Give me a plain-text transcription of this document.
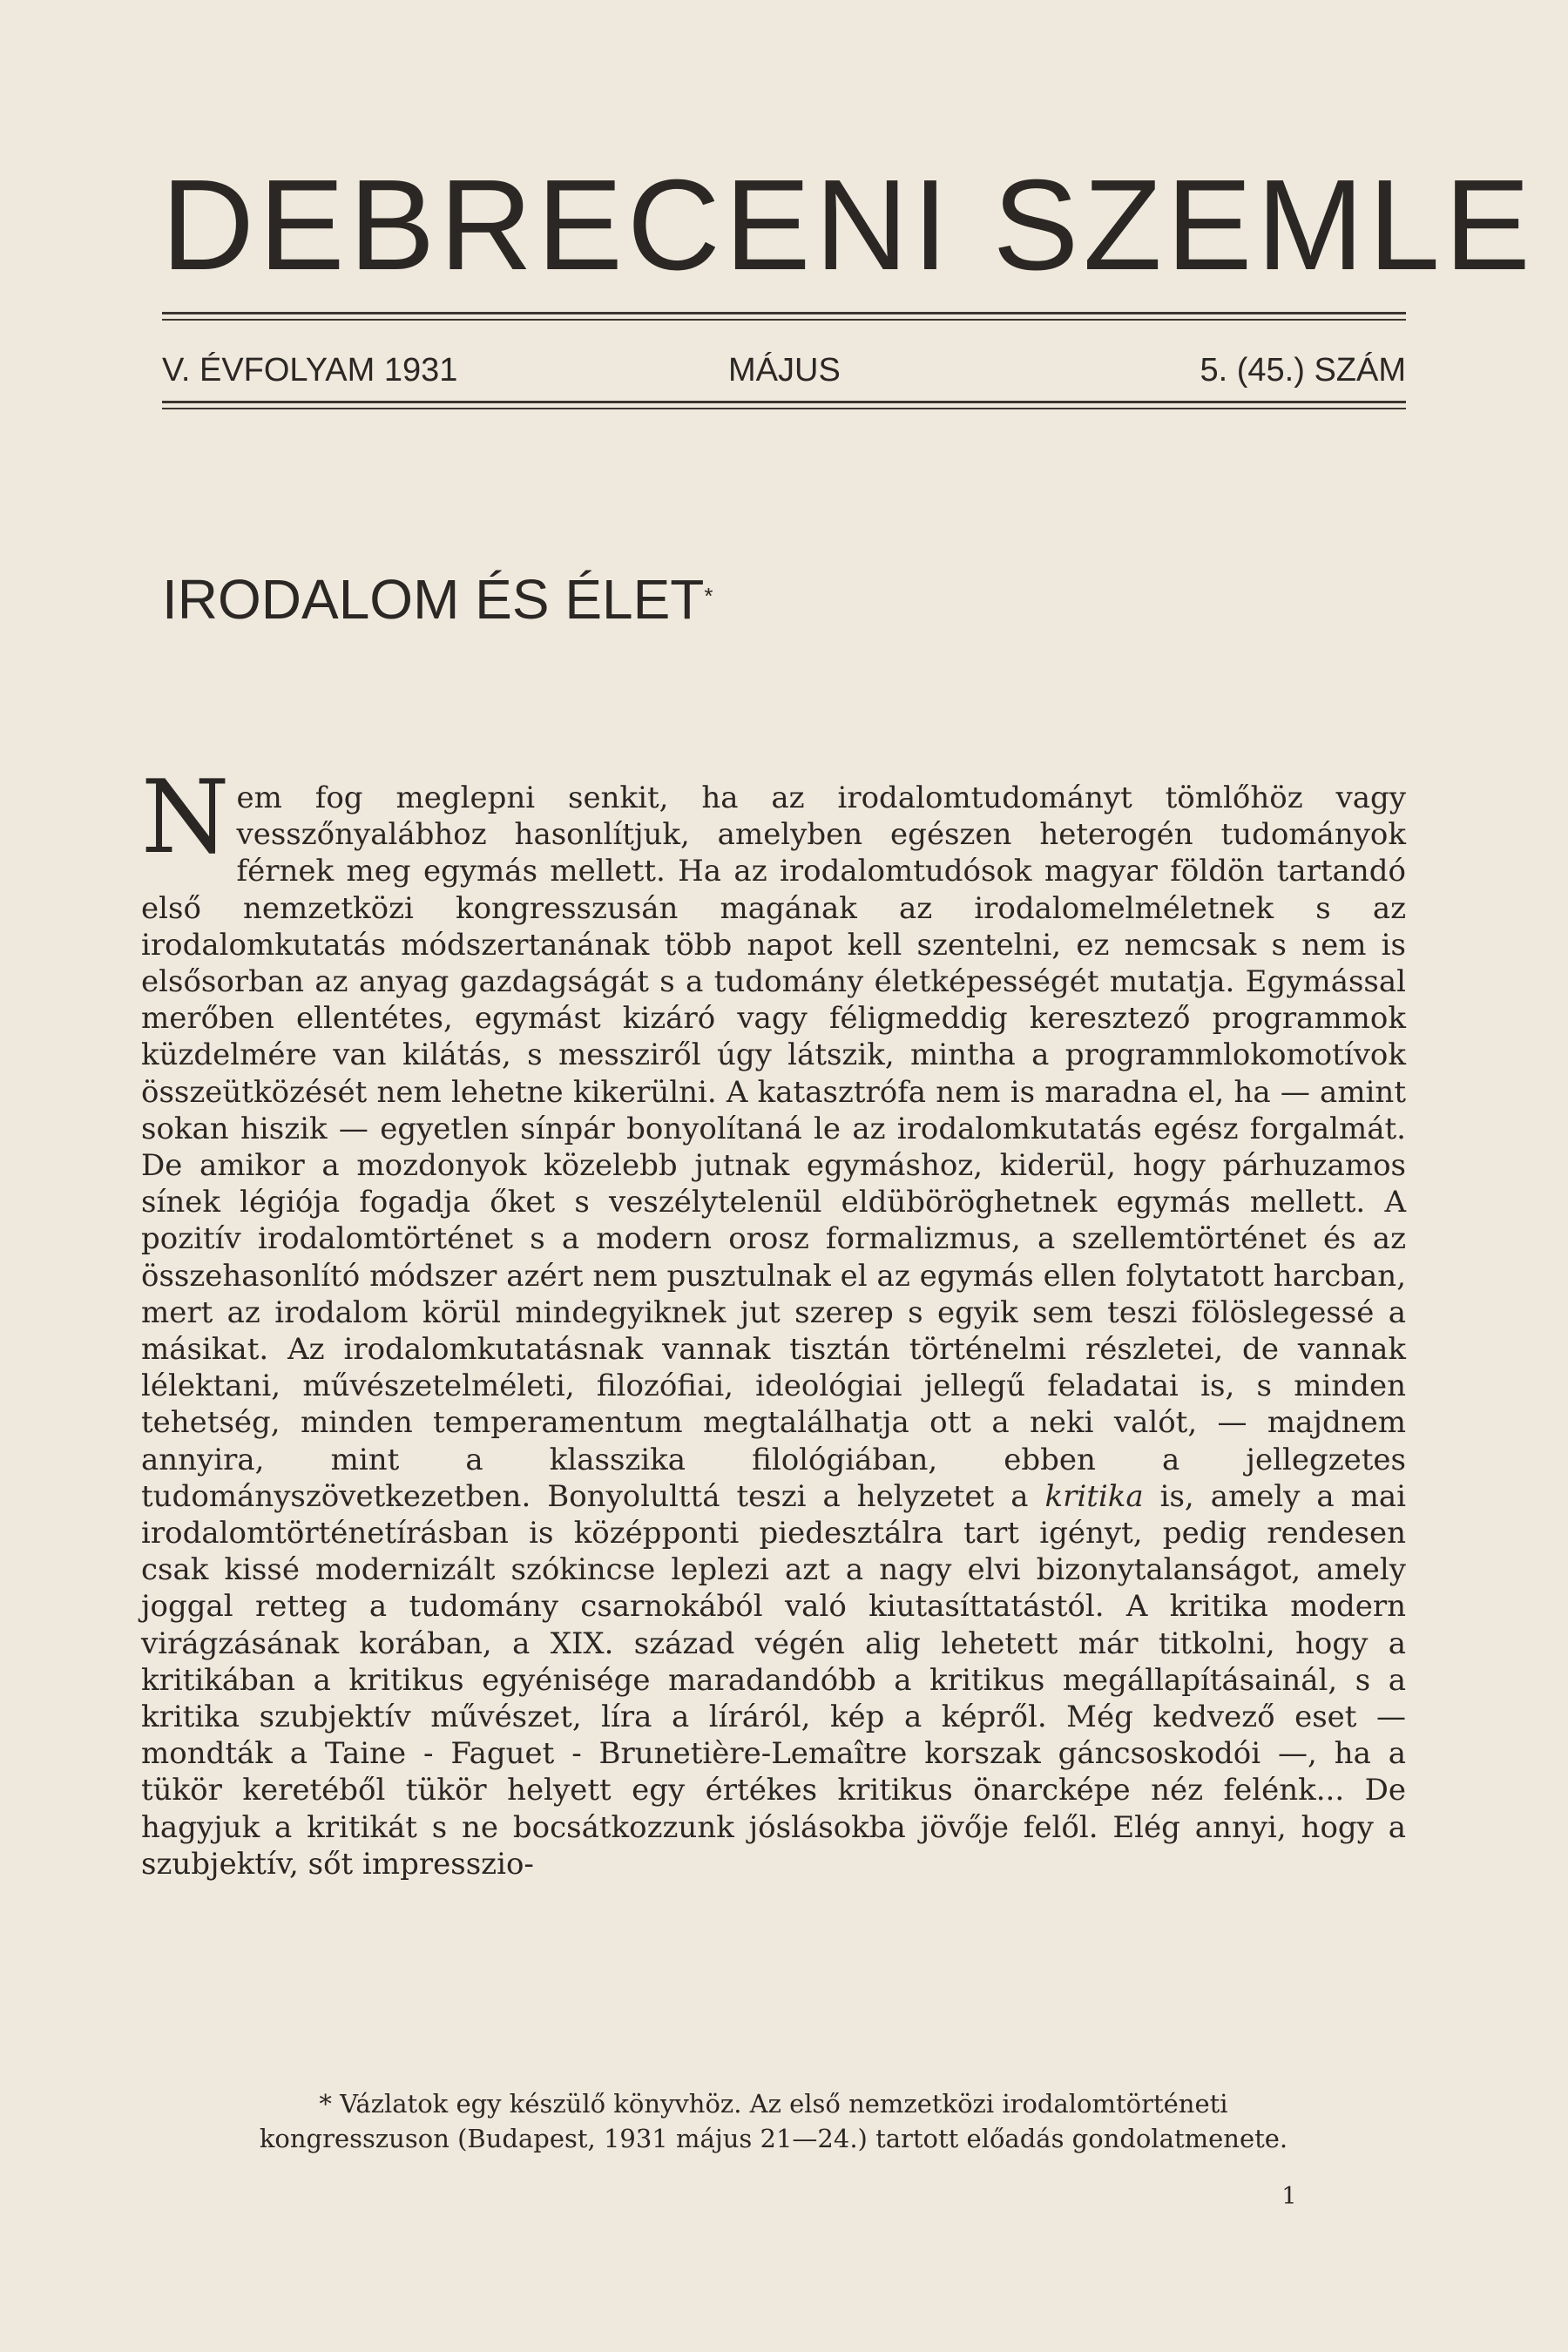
DEBRECENI SZEMLE
V. ÉVFOLYAM 1931	MÁJUS	5. (45.) SZÁM
IRODALOM ÉS ÉLET*

Nem fog meglepni senkit, ha az irodalomtudományt tömlőhöz vagy vesszőnyalábhoz hasonlítjuk, amelyben egészen heterogén tudományok férnek meg egymás mellett. Ha az irodalomtudósok magyar földön tartandó első nemzetközi kongresszusán magának az irodalomelméletnek s az irodalomkutatás módszertanának több napot kell szentelni, ez nemcsak s nem is elsősorban az anyag gazdagságát s a tudomány életképességét mutatja. Egymással merőben ellentétes, egymást kizáró vagy féligmeddig keresztező programmok küzdelmére van kilátás, s messziről úgy látszik, mintha a programmlokomotívok összeütközését nem lehetne kikerülni. A katasztrófa nem is maradna el, ha — amint sokan hiszik — egyetlen sínpár bonyolítaná le az irodalomkutatás egész forgalmát. De amikor a mozdonyok közelebb jutnak egymáshoz, kiderül, hogy párhuzamos sínek légiója fogadja őket s veszélytelenül eldüböröghetnek egymás mellett. A pozitív irodalomtörténet s a modern orosz formalizmus, a szellemtörténet és az összehasonlító módszer azért nem pusztulnak el az egymás ellen folytatott harcban, mert az irodalom körül mindegyiknek jut szerep s egyik sem teszi fölöslegessé a másikat. Az irodalomkutatásnak vannak tisztán történelmi részletei, de vannak lélektani, művészetelméleti, filozófiai, ideológiai jellegű feladatai is, s minden tehetség, minden temperamentum megtalálhatja ott a neki valót, — majdnem annyira, mint a klasszika filológiában, ebben a jellegzetes tudományszövetkezetben. Bonyolulttá teszi a helyzetet a kritika is, amely a mai irodalomtörténetírásban is középponti piedesztálra tart igényt, pedig rendesen csak kissé modernizált szókincse leplezi azt a nagy elvi bizonytalanságot, amely joggal retteg a tudomány csarnokából való kiutasíttatástól. A kritika modern virágzásának korában, a XIX. század végén alig lehetett már titkolni, hogy a kritikában a kritikus egyénisége maradandóbb a kritikus megállapításainál, s a kritika szubjektív művészet, líra a líráról, kép a képről. Még kedvező eset — mondták a Taine - Faguet - Brunetière-Lemaître korszak gáncsoskodói —, ha a tükör keretéből tükör helyett egy értékes kritikus önarcképe néz felénk... De hagyjuk a kritikát s ne bocsátkozzunk jóslásokba jövője felől. Elég annyi, hogy a szubjektív, sőt impresszio-

* Vázlatok egy készülő könyvhöz. Az első nemzetközi irodalomtörténeti

kongresszuson (Budapest, 1931 május 21—24.) tartott előadás gondolatmenete.

1
